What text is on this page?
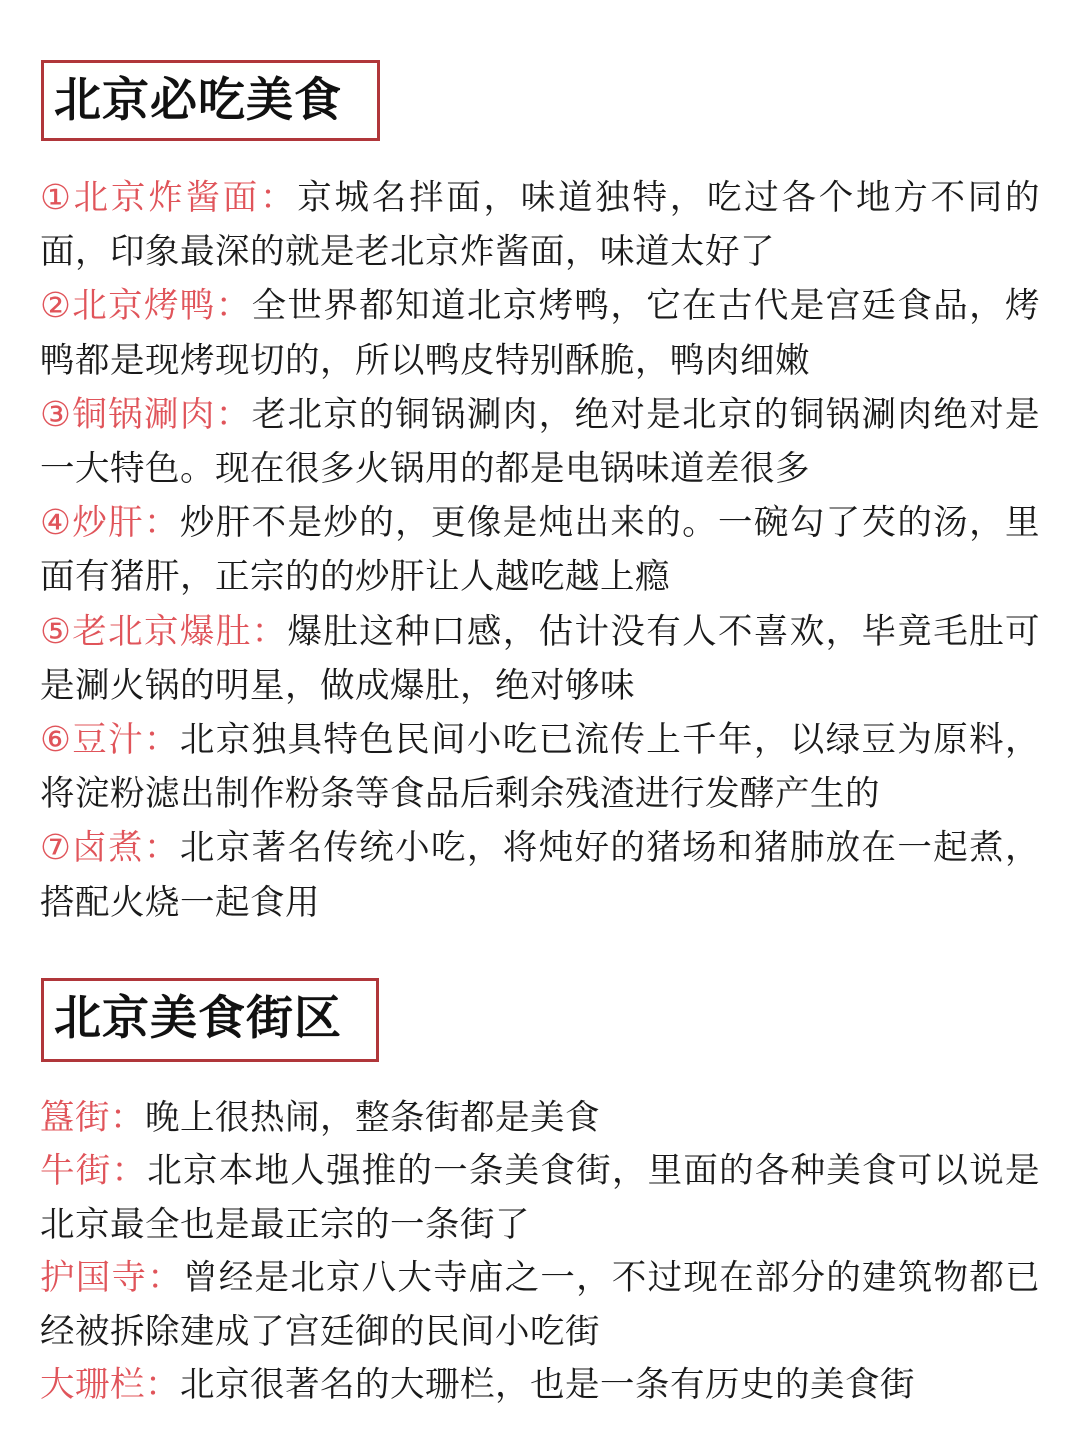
北京必吃美食

①北京炸酱面：京城名拌面，味道独特，吃过各个地方不同的面，印象最深的就是老北京炸酱面，味道太好了

②北京烤鸭：全世界都知道北京烤鸭，它在古代是宫廷食品，烤鸭都是现烤现切的，所以鸭皮特别酥脆，鸭肉细嫩

③铜锅涮肉：老北京的铜锅涮肉，绝对是北京的铜锅涮肉绝对是一大特色。现在很多火锅用的都是电锅味道差很多

④炒肝：炒肝不是炒的，更像是炖出来的。一碗勾了芡的汤，里面有猪肝，正宗的的炒肝让人越吃越上瘾

⑤老北京爆肚：爆肚这种口感，估计没有人不喜欢，毕竟毛肚可是涮火锅的明星，做成爆肚，绝对够味

⑥豆汁：北京独具特色民间小吃已流传上千年，以绿豆为原料，将淀粉滤出制作粉条等食品后剩余残渣进行发酵产生的

⑦卤煮：北京著名传统小吃，将炖好的猪场和猪肺放在一起煮，搭配火烧一起食用

北京美食街区

簋街：晚上很热闹，整条街都是美食

牛街：北京本地人强推的一条美食街，里面的各种美食可以说是北京最全也是最正宗的一条街了

护国寺：曾经是北京八大寺庙之一，不过现在部分的建筑物都已经被拆除建成了宫廷御的民间小吃街

大珊栏：北京很著名的大珊栏，也是一条有历史的美食街
